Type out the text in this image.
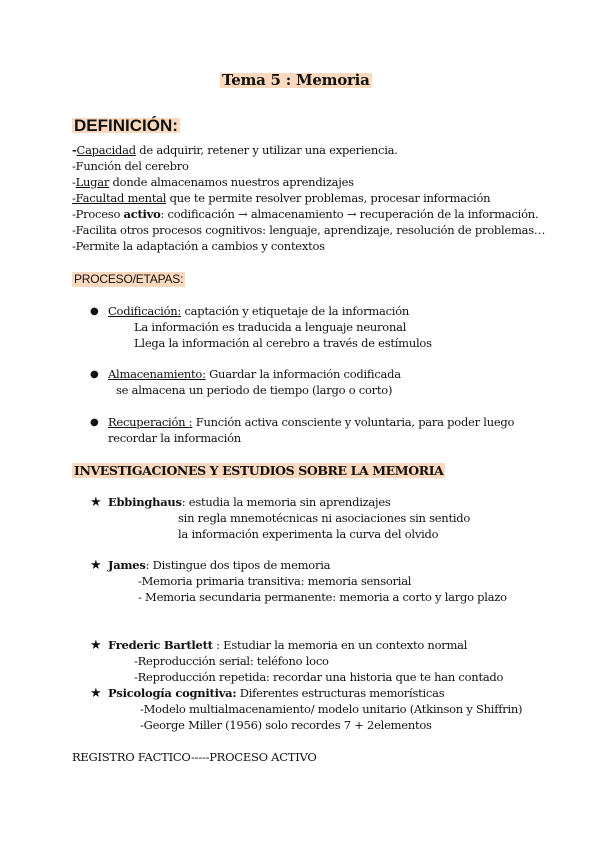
Tema 5 : Memoria
DEFINICIÓN:
-Capacidad de adquirir, retener y utilizar una experiencia.
-Función del cerebro
-Lugar donde almacenamos nuestros aprendizajes
-Facultad mental que te permite resolver problemas, procesar información
-Proceso activo: codificación → almacenamiento → recuperación de la información.
-Facilita otros procesos cognitivos: lenguaje, aprendizaje, resolución de problemas…
-Permite la adaptación a cambios y contextos
PROCESO/ETAPAS:
● Codificación: captación y etiquetaje de la información
La información es traducida a lenguaje neuronal
Llega la información al cerebro a través de estímulos
● Almacenamiento: Guardar la información codificada
se almacena un periodo de tiempo (largo o corto)
● Recuperación : Función activa consciente y voluntaria, para poder luego
recordar la información
INVESTIGACIONES Y ESTUDIOS SOBRE LA MEMORIA
★ Ebbinghaus: estudia la memoria sin aprendizajes
sin regla mnemotécnicas ni asociaciones sin sentido
la información experimenta la curva del olvido
★ James: Distingue dos tipos de memoria
-Memoria primaria transitiva: memoria sensorial
- Memoria secundaria permanente: memoria a corto y largo plazo
★ Frederic Bartlett : Estudiar la memoria en un contexto normal
-Reproducción serial: teléfono loco
-Reproducción repetida: recordar una historia que te han contado
★ Psicología cognitiva: Diferentes estructuras memorísticas
-Modelo multialmacenamiento/ modelo unitario (Atkinson y Shiffrin)
-George Miller (1956) solo recordes 7 + 2elementos
REGISTRO FACTICO-----PROCESO ACTIVO
